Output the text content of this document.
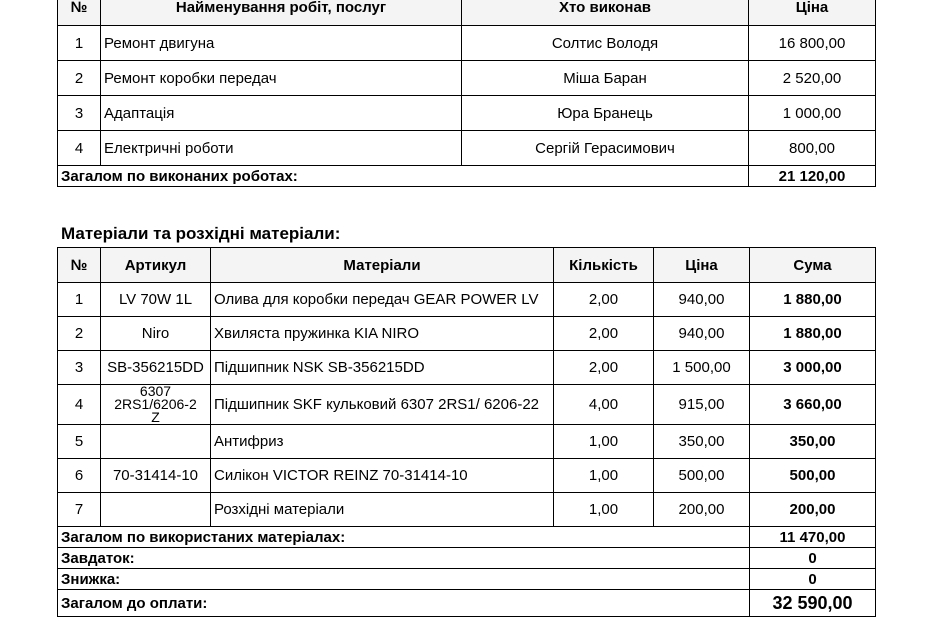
№	Найменування робіт, послуг	Хто виконав	Ціна
1	Ремонт двигуна	Солтис Володя	16 800,00
2	Ремонт коробки передач	Міша Баран	2 520,00
3	Адаптація	Юра Бранець	1 000,00
4	Електричні роботи	Сергій Герасимович	800,00
Загалом по виконаних роботах:			21 120,00
Матеріали та розхідні матеріали:
№	Артикул	Матеріали	Кількість	Ціна	Сума
1	LV 70W 1L	Олива для коробки передач GEAR POWER LV	2,00	940,00	1 880,00
2	Niro	Хвиляста пружинка KIA NIRO	2,00	940,00	1 880,00
3	SB-356215DD	Підшипник NSK SB-356215DD	2,00	1 500,00	3 000,00
4	6307
2RS1/6206-2
Z	Підшипник SKF кульковий 6307 2RS1/ 6206-22	4,00	915,00	3 660,00
5		Антифриз	1,00	350,00	350,00
6	70-31414-10	Силікон VICTOR REINZ 70-31414-10	1,00	500,00	500,00
7		Розхідні матеріали	1,00	200,00	200,00
Загалом по використаних матеріалах:					11 470,00
Завдаток:					0
Знижка:					0
Загалом до оплати:					32 590,00
